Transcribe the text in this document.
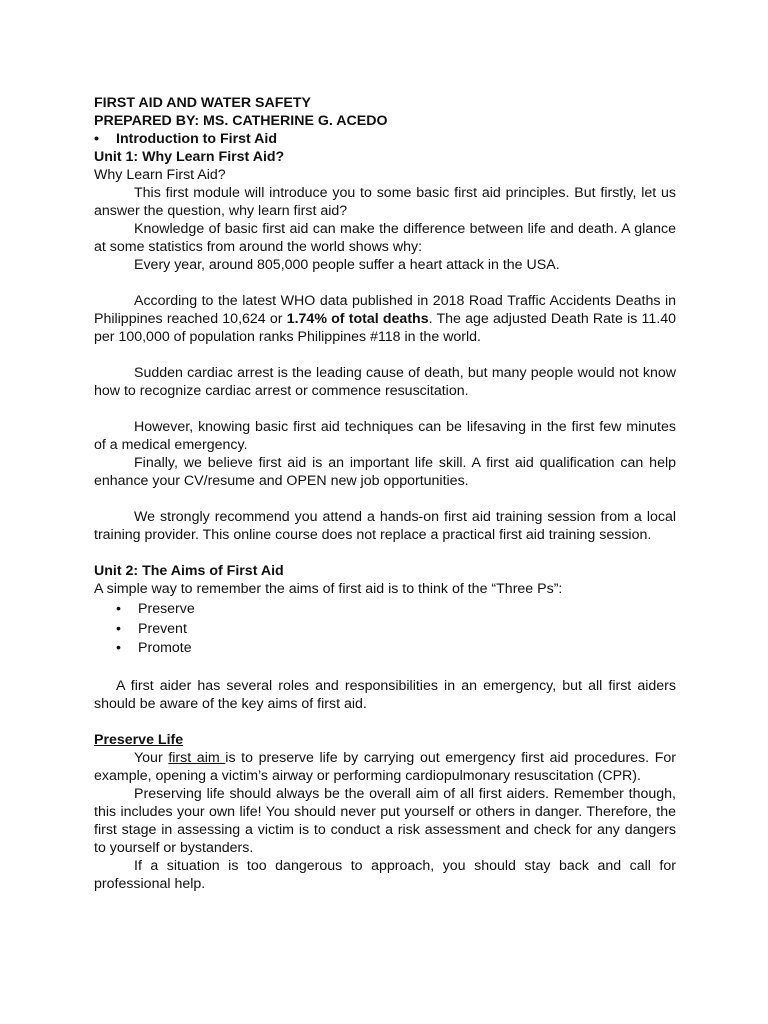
FIRST AID AND WATER SAFETY
PREPARED BY: MS. CATHERINE G. ACEDO
• Introduction to First Aid
Unit 1: Why Learn First Aid?
Why Learn First Aid?

This first module will introduce you to some basic first aid principles. But firstly, let us answer the question, why learn first aid?

Knowledge of basic first aid can make the difference between life and death. A glance at some statistics from around the world shows why:

Every year, around 805,000 people suffer a heart attack in the USA.

According to the latest WHO data published in 2018 Road Traffic Accidents Deaths in Philippines reached 10,624 or 1.74% of total deaths. The age adjusted Death Rate is 11.40 per 100,000 of population ranks Philippines #118 in the world.

Sudden cardiac arrest is the leading cause of death, but many people would not know how to recognize cardiac arrest or commence resuscitation.

However, knowing basic first aid techniques can be lifesaving in the first few minutes of a medical emergency.

Finally, we believe first aid is an important life skill. A first aid qualification can help enhance your CV/resume and OPEN new job opportunities.

We strongly recommend you attend a hands-on first aid training session from a local training provider. This online course does not replace a practical first aid training session.

Unit 2: The Aims of First Aid
A simple way to remember the aims of first aid is to think of the “Three Ps”:
• Preserve
• Prevent
• Promote

A first aider has several roles and responsibilities in an emergency, but all first aiders should be aware of the key aims of first aid.

Preserve Life

Your first aim is to preserve life by carrying out emergency first aid procedures. For example, opening a victim’s airway or performing cardiopulmonary resuscitation (CPR).

Preserving life should always be the overall aim of all first aiders. Remember though, this includes your own life! You should never put yourself or others in danger. Therefore, the first stage in assessing a victim is to conduct a risk assessment and check for any dangers to yourself or bystanders.

If a situation is too dangerous to approach, you should stay back and call for professional help.
